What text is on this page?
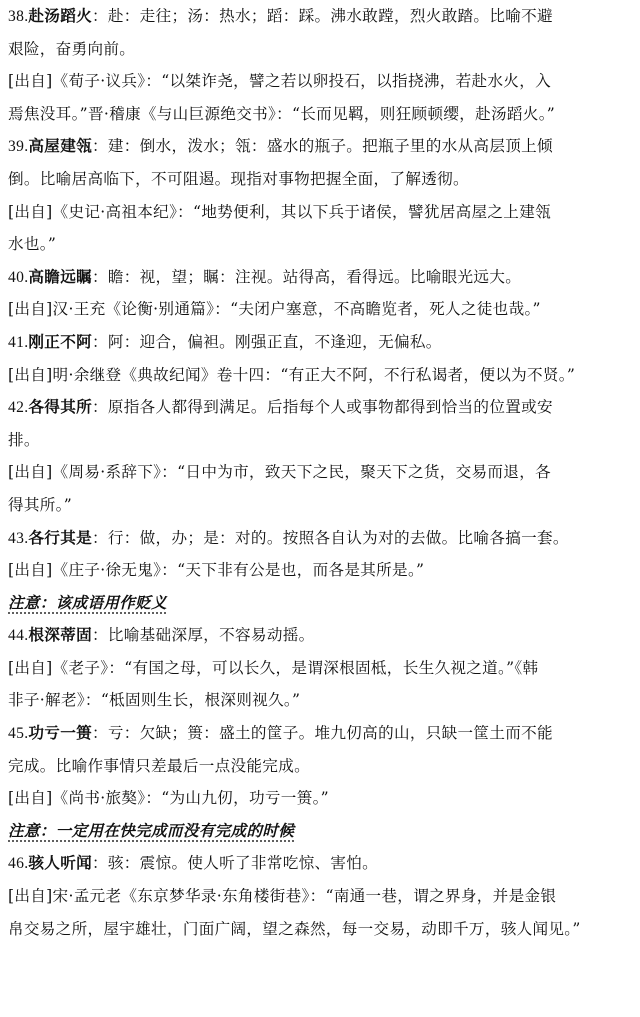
38.赴汤蹈火：赴：走往；汤：热水；蹈：踩。沸水敢蹚，烈火敢踏。比喻不避
艰险，奋勇向前。
[出自]《荀子·议兵》：“以桀诈尧，譬之若以卵投石，以指挠沸，若赴水火，入
焉焦没耳。”晋·稽康《与山巨源绝交书》：“长而见羁，则狂顾顿缨，赴汤蹈火。”
39.高屋建瓴：建：倒水，泼水；瓴：盛水的瓶子。把瓶子里的水从高层顶上倾
倒。比喻居高临下，不可阻遏。现指对事物把握全面，了解透彻。
[出自]《史记·高祖本纪》：“地势便利，其以下兵于诸侯，譬犹居高屋之上建瓴
水也。”
40.高瞻远瞩：瞻：视，望；瞩：注视。站得高，看得远。比喻眼光远大。
[出自]汉·王充《论衡·别通篇》：“夫闭户塞意，不高瞻览者，死人之徒也哉。”
41.刚正不阿：阿：迎合，偏袒。刚强正直，不逢迎，无偏私。
[出自]明·余继登《典故纪闻》卷十四：“有正大不阿，不行私谒者，便以为不贤。”
42.各得其所：原指各人都得到满足。后指每个人或事物都得到恰当的位置或安
排。
[出自]《周易·系辞下》：“日中为市，致天下之民，聚天下之货，交易而退，各
得其所。”
43.各行其是：行：做，办；是：对的。按照各自认为对的去做。比喻各搞一套。
[出自]《庄子·徐无鬼》：“天下非有公是也，而各是其所是。”
注意：该成语用作贬义
44.根深蒂固：比喻基础深厚，不容易动摇。
[出自]《老子》：“有国之母，可以长久，是谓深根固柢，长生久视之道。”《韩
非子·解老》：“柢固则生长，根深则视久。”
45.功亏一篑：亏：欠缺；篑：盛土的筐子。堆九仞高的山，只缺一筐土而不能
完成。比喻作事情只差最后一点没能完成。
[出自]《尚书·旅獒》：“为山九仞，功亏一篑。”
注意：一定用在快完成而没有完成的时候
46.骇人听闻：骇：震惊。使人听了非常吃惊、害怕。
[出自]宋·孟元老《东京梦华录·东角楼街巷》：“南通一巷，谓之界身，并是金银
帛交易之所，屋宇雄壮，门面广阔，望之森然，每一交易，动即千万，骇人闻见。”
